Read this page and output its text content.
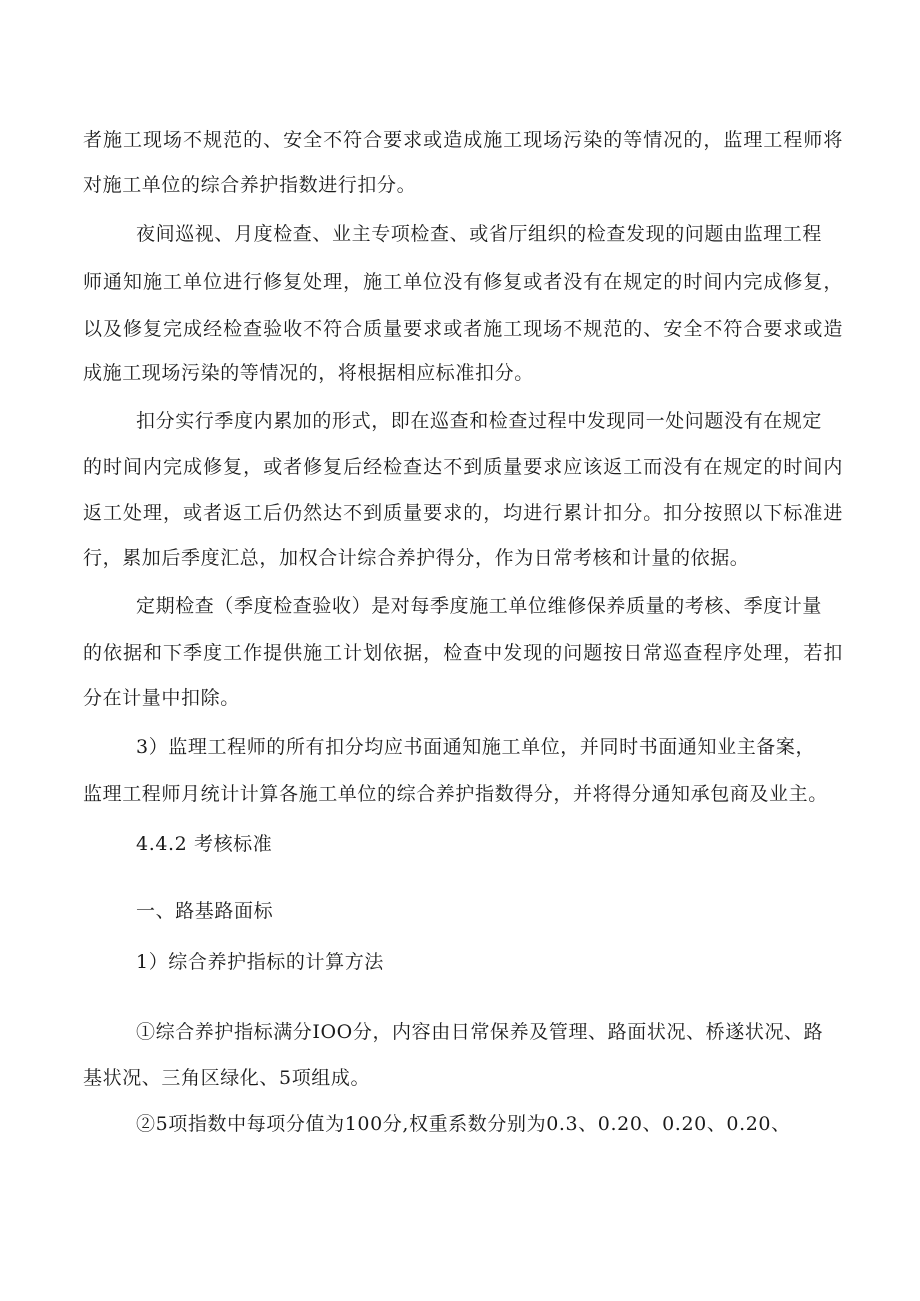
者施工现场不规范的、安全不符合要求或造成施工现场污染的等情况的，监理工程师将
对施工单位的综合养护指数进行扣分。
夜间巡视、月度检查、业主专项检查、或省厅组织的检查发现的问题由监理工程
师通知施工单位进行修复处理，施工单位没有修复或者没有在规定的时间内完成修复，
以及修复完成经检查验收不符合质量要求或者施工现场不规范的、安全不符合要求或造
成施工现场污染的等情况的，将根据相应标准扣分。
扣分实行季度内累加的形式，即在巡查和检查过程中发现同一处问题没有在规定
的时间内完成修复，或者修复后经检查达不到质量要求应该返工而没有在规定的时间内
返工处理，或者返工后仍然达不到质量要求的，均进行累计扣分。扣分按照以下标准进
行，累加后季度汇总，加权合计综合养护得分，作为日常考核和计量的依据。
定期检查（季度检查验收）是对每季度施工单位维修保养质量的考核、季度计量
的依据和下季度工作提供施工计划依据，检查中发现的问题按日常巡查程序处理，若扣
分在计量中扣除。
3）监理工程师的所有扣分均应书面通知施工单位，并同时书面通知业主备案，
监理工程师月统计计算各施工单位的综合养护指数得分，并将得分通知承包商及业主。
4.4.2 考核标准
一、路基路面标
1）综合养护指标的计算方法
①综合养护指标满分IOO分，内容由日常保养及管理、路面状况、桥遂状况、路
基状况、三角区绿化、5项组成。
②5项指数中每项分值为100分,权重系数分别为0.3、0.20、0.20、0.20、
